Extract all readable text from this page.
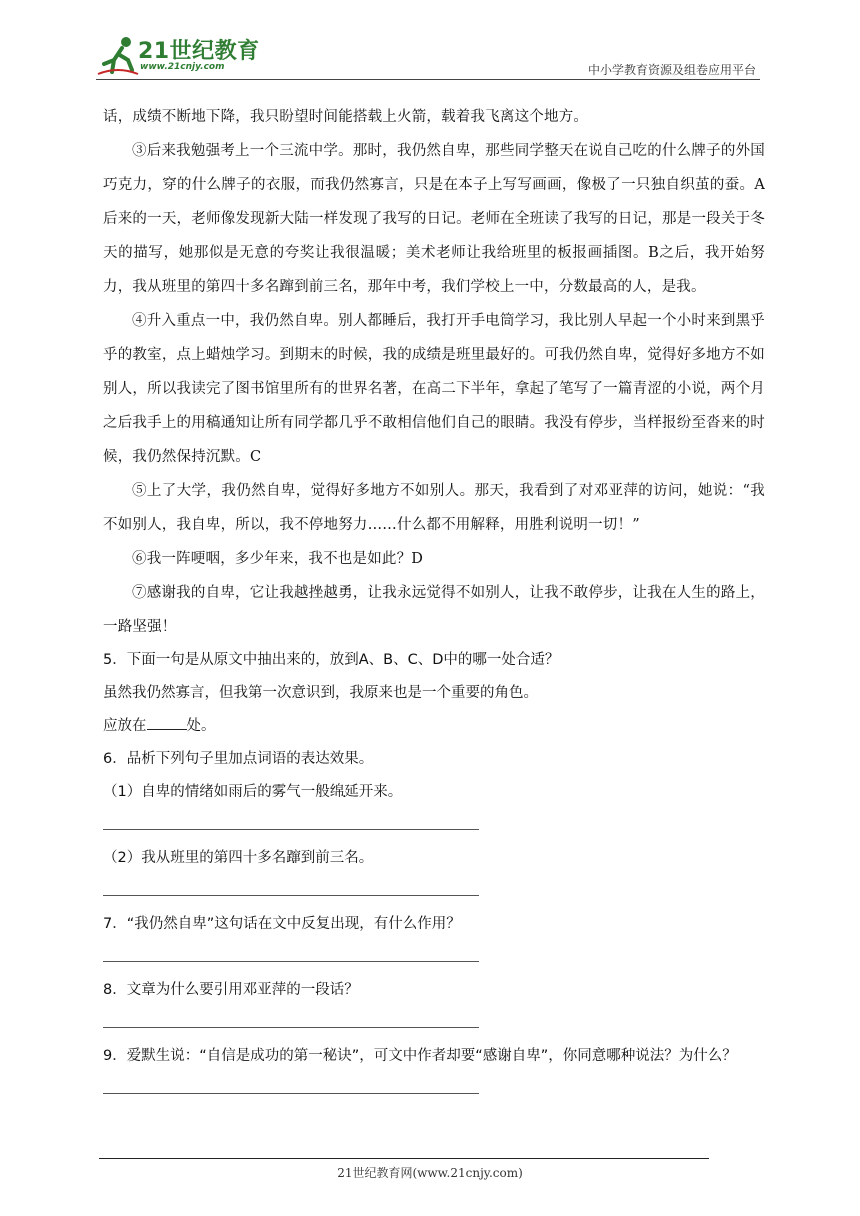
21世纪教育
www.21cnjy.com	中小学教育资源及组卷应用平台

话，成绩不断地下降，我只盼望时间能搭载上火箭，载着我飞离这个地方。

③后来我勉强考上一个三流中学。那时，我仍然自卑，那些同学整天在说自己吃的什么牌子的外国巧克力，穿的什么牌子的衣服，而我仍然寡言，只是在本子上写写画画，像极了一只独自织茧的蚕。A后来的一天，老师像发现新大陆一样发现了我写的日记。老师在全班读了我写的日记，那是一段关于冬天的描写，她那似是无意的夸奖让我很温暖；美术老师让我给班里的板报画插图。B之后，我开始努力，我从班里的第四十多名蹿到前三名，那年中考，我们学校上一中，分数最高的人，是我。

④升入重点一中，我仍然自卑。别人都睡后，我打开手电筒学习，我比别人早起一个小时来到黑乎乎的教室，点上蜡烛学习。到期末的时候，我的成绩是班里最好的。可我仍然自卑，觉得好多地方不如别人，所以我读完了图书馆里所有的世界名著，在高二下半年，拿起了笔写了一篇青涩的小说，两个月之后我手上的用稿通知让所有同学都几乎不敢相信他们自己的眼睛。我没有停步，当样报纷至沓来的时候，我仍然保持沉默。C

⑤上了大学，我仍然自卑，觉得好多地方不如别人。那天，我看到了对邓亚萍的访问，她说：“我不如别人，我自卑，所以，我不停地努力……什么都不用解释，用胜利说明一切！”

⑥我一阵哽咽，多少年来，我不也是如此？D

⑦感谢我的自卑，它让我越挫越勇，让我永远觉得不如别人，让我不敢停步，让我在人生的路上，一路坚强！

5．下面一句是从原文中抽出来的，放到A、B、C、D中的哪一处合适？

虽然我仍然寡言，但我第一次意识到，我原来也是一个重要的角色。

应放在	处。

6．品析下列句子里加点词语的表达效果。

（1）自卑的情绪如雨后的雾气一般绵延开来。

（2）我从班里的第四十多名蹿到前三名。

7．“我仍然自卑”这句话在文中反复出现，有什么作用？

8．文章为什么要引用邓亚萍的一段话？

9．爱默生说：“自信是成功的第一秘诀”，可文中作者却要“感谢自卑”，你同意哪种说法？为什么？

21世纪教育网(www.21cnjy.com)
